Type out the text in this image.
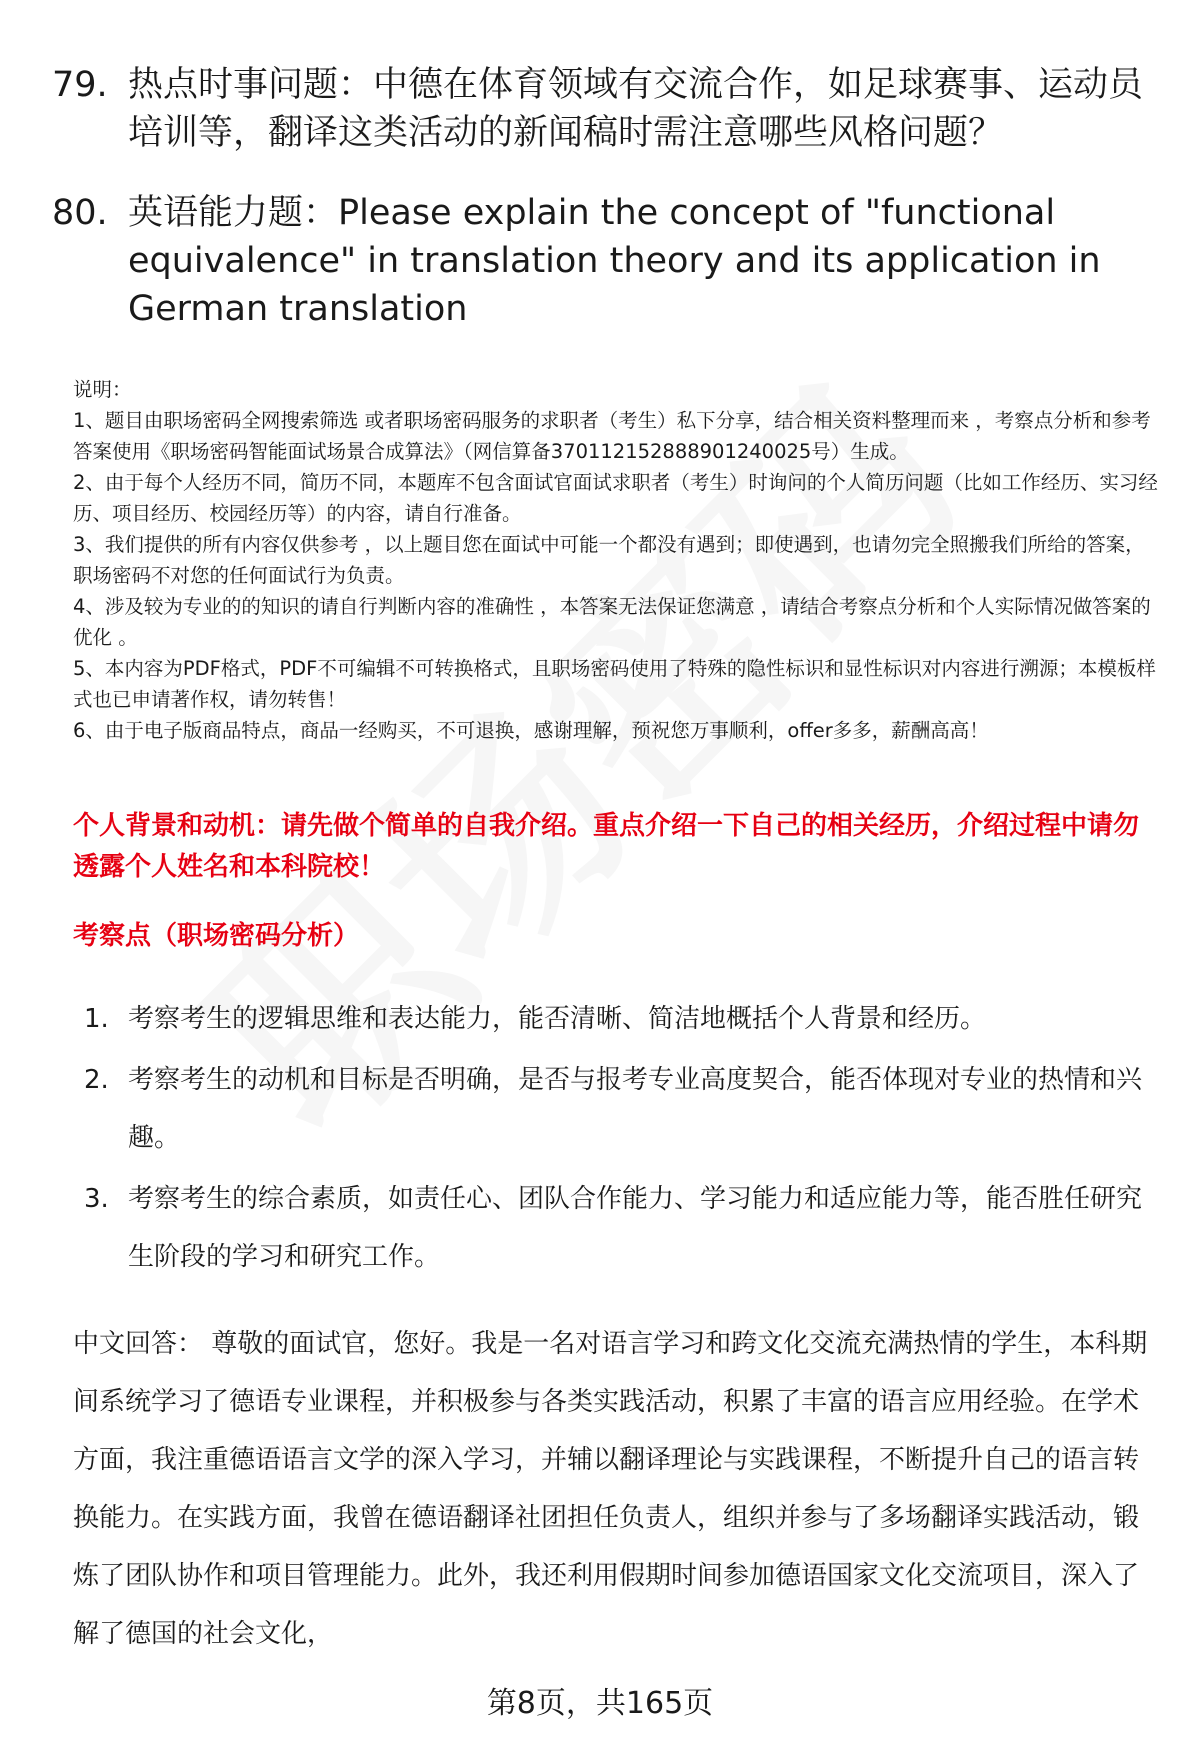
79. 热点时事问题：中德在体育领域有交流合作，如足球赛事、运动员培训等，翻译这类活动的新闻稿时需注意哪些风格问题？
80. 英语能力题：Please explain the concept of "functional equivalence" in translation theory and its application in German translation

说明：

1、题目由职场密码全网搜索筛选 或者职场密码服务的求职者（考生）私下分享，结合相关资料整理而来 ，考察点分析和参考答案使用《职场密码智能面试场景合成算法》（网信算备370112152888901240025号）生成。

2、由于每个人经历不同，简历不同，本题库不包含面试官面试求职者（考生）时询问的个人简历问题（比如工作经历、实习经历、项目经历、校园经历等）的内容，请自行准备。

3、我们提供的所有内容仅供参考 ，以上题目您在面试中可能一个都没有遇到；即使遇到，也请勿完全照搬我们所给的答案，职场密码不对您的任何面试行为负责。

4、涉及较为专业的的知识的请自行判断内容的准确性 ，本答案无法保证您满意 ，请结合考察点分析和个人实际情况做答案的优化 。

5、本内容为PDF格式，PDF不可编辑不可转换格式，且职场密码使用了特殊的隐性标识和显性标识对内容进行溯源；本模板样式也已申请著作权，请勿转售！

6、由于电子版商品特点，商品一经购买，不可退换，感谢理解，预祝您万事顺利，offer多多，薪酬高高！

个人背景和动机：请先做个简单的自我介绍。重点介绍一下自己的相关经历，介绍过程中请勿透露个人姓名和本科院校！
考察点（职场密码分析）
1. 考察考生的逻辑思维和表达能力，能否清晰、简洁地概括个人背景和经历。
2. 考察考生的动机和目标是否明确，是否与报考专业高度契合，能否体现对专业的热情和兴趣。
3. 考察考生的综合素质，如责任心、团队合作能力、学习能力和适应能力等，能否胜任研究生阶段的学习和研究工作。
中文回答： 尊敬的面试官，您好。我是一名对语言学习和跨文化交流充满热情的学生，本科期间系统学习了德语专业课程，并积极参与各类实践活动，积累了丰富的语言应用经验。在学术方面，我注重德语语言文学的深入学习，并辅以翻译理论与实践课程，不断提升自己的语言转换能力。在实践方面，我曾在德语翻译社团担任负责人，组织并参与了多场翻译实践活动，锻炼了团队协作和项目管理能力。此外，我还利用假期时间参加德语国家文化交流项目，深入了解了德国的社会文化，
第8页，共165页
